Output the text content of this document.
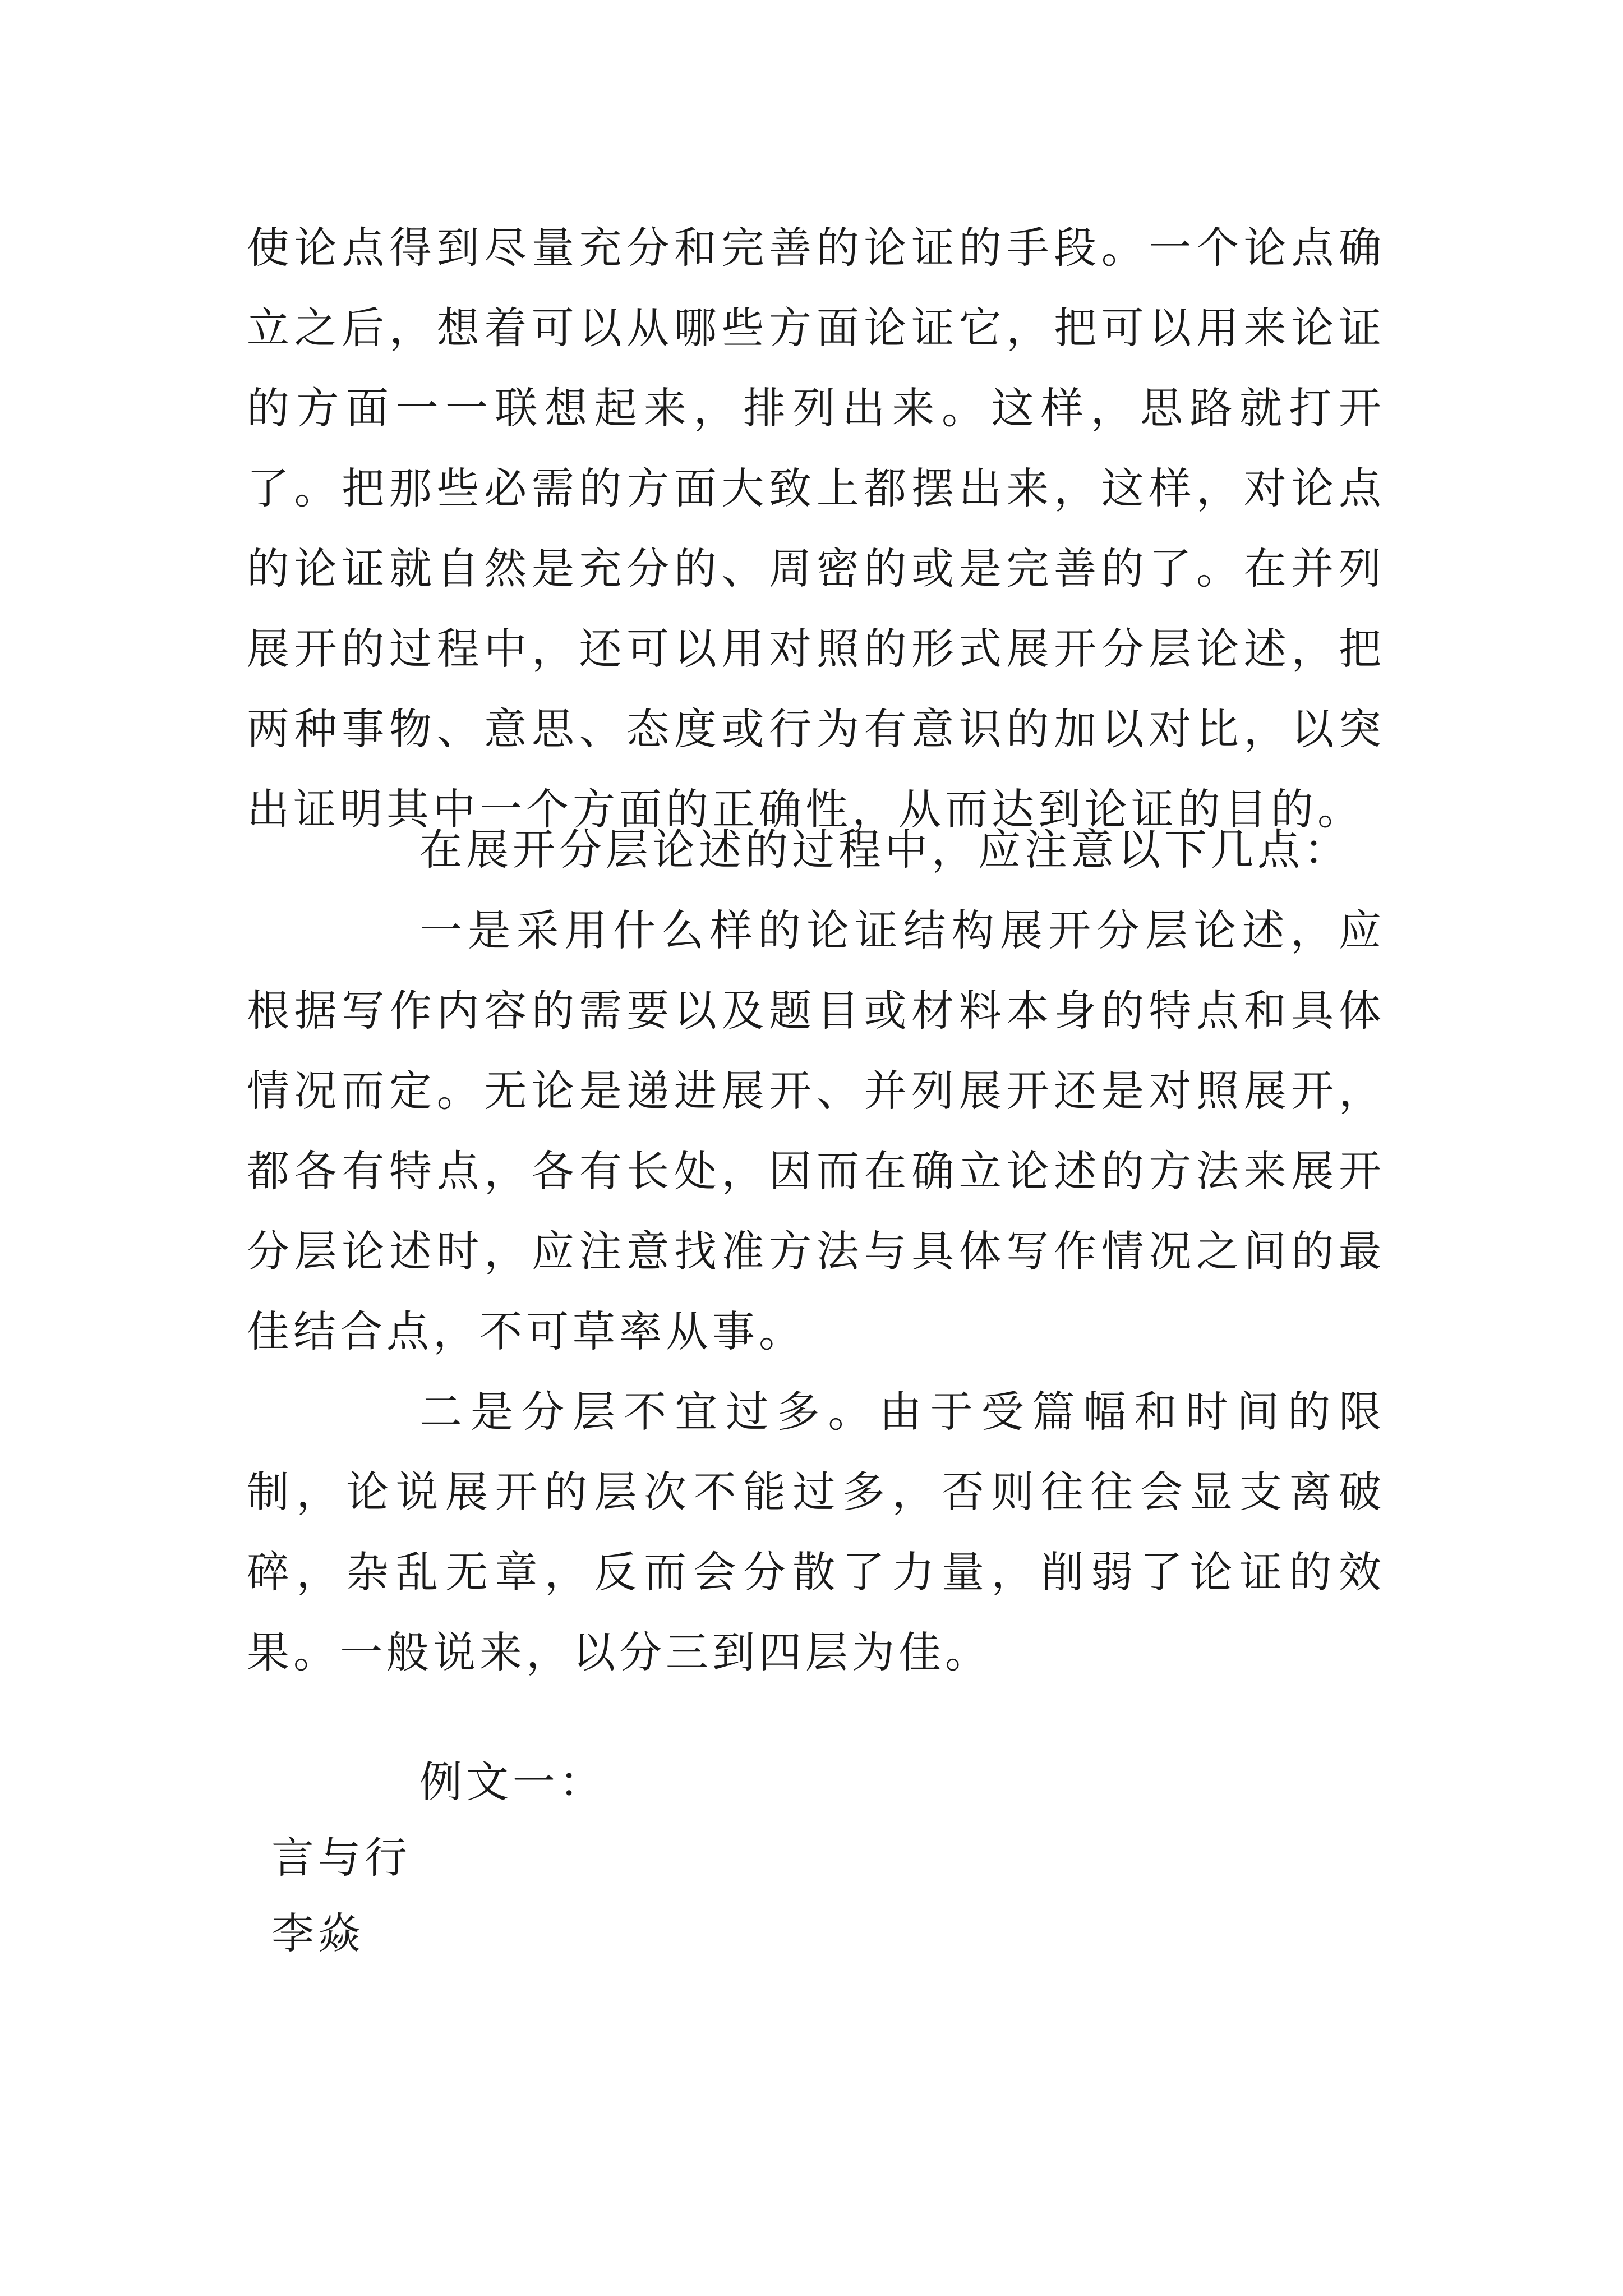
使论点得到尽量充分和完善的论证的手段。一个论点确立之后，想着可以从哪些方面论证它，把可以用来论证的方面一一联想起来，排列出来。这样，思路就打开了。把那些必需的方面大致上都摆出来，这样，对论点的论证就自然是充分的、周密的或是完善的了。在并列展开的过程中，还可以用对照的形式展开分层论述，把两种事物、意思、态度或行为有意识的加以对比，以突出证明其中一个方面的正确性，从而达到论证的目的。

在展开分层论述的过程中，应注意以下几点：

一是采用什么样的论证结构展开分层论述，应根据写作内容的需要以及题目或材料本身的特点和具体情况而定。无论是递进展开、并列展开还是对照展开，都各有特点，各有长处，因而在确立论述的方法来展开分层论述时，应注意找准方法与具体写作情况之间的最佳结合点，不可草率从事。

二是分层不宜过多。由于受篇幅和时间的限制，论说展开的层次不能过多，否则往往会显支离破碎，杂乱无章，反而会分散了力量，削弱了论证的效果。一般说来，以分三到四层为佳。

例文一：
言与行
李焱
